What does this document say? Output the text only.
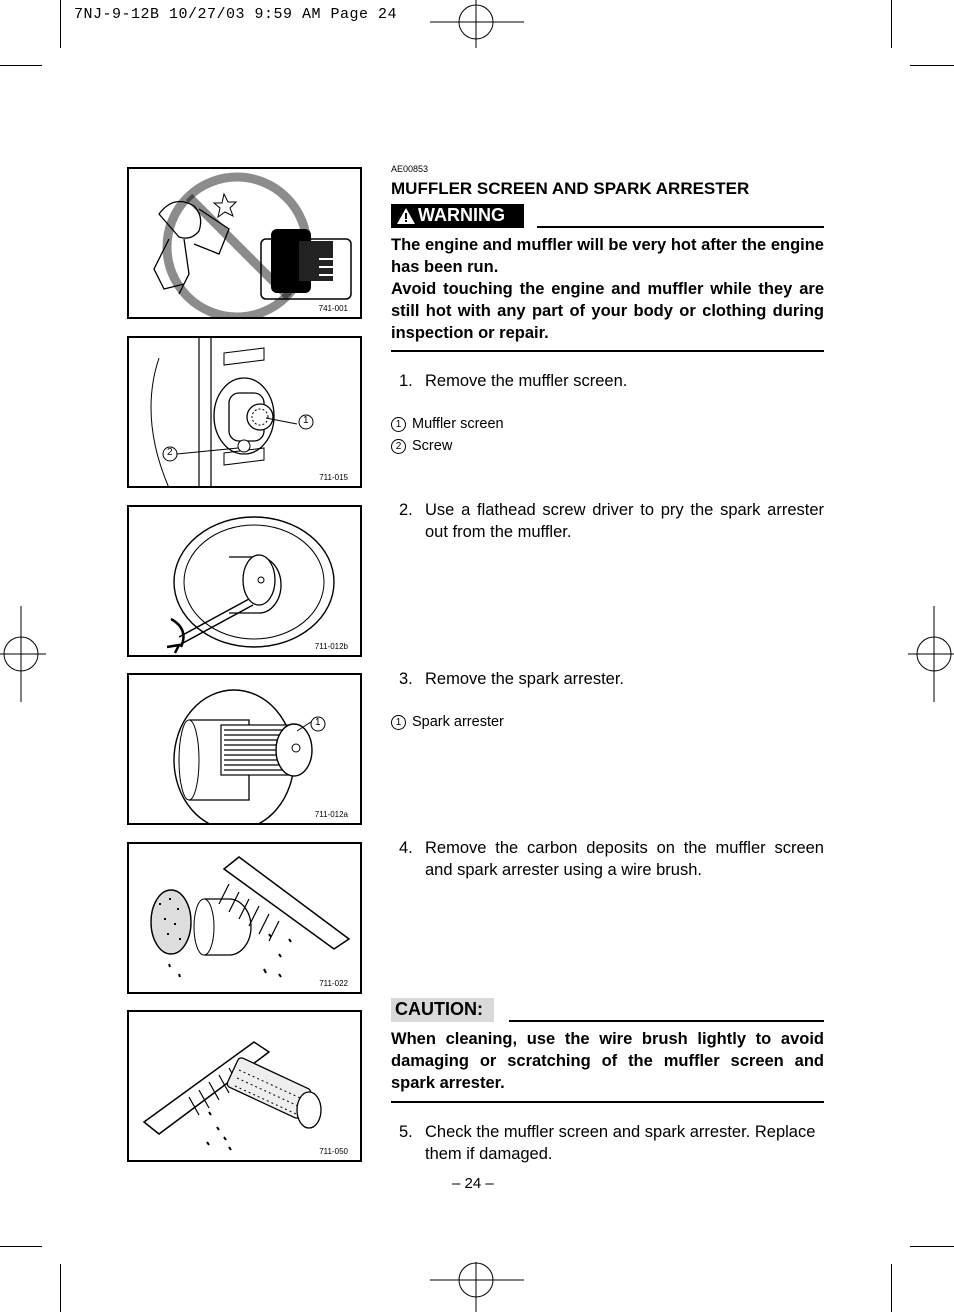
7NJ-9-12B 10/27/03 9:59 AM Page 24
741-001
1
2
711-015
711-012b
1
711-012a
711-022
711-050
AE00853
MUFFLER SCREEN AND SPARK ARRESTER
WARNING
The engine and muffler will be very hot after the engine has been run.
Avoid touching the engine and muffler while they are still hot with any part of your body or clothing during inspection or repair.
1. Remove the muffler screen.
1 Muffler screen
2 Screw
2. Use a flathead screw driver to pry the spark arrester out from the muffler.
3. Remove the spark arrester.
1 Spark arrester
4. Remove the carbon deposits on the muffler screen and spark arrester using a wire brush.
CAUTION:
When cleaning, use the wire brush lightly to avoid damaging or scratching of the muffler screen and spark arrester.
5. Check the muffler screen and spark arrester. Replace them if damaged.
– 24 –
